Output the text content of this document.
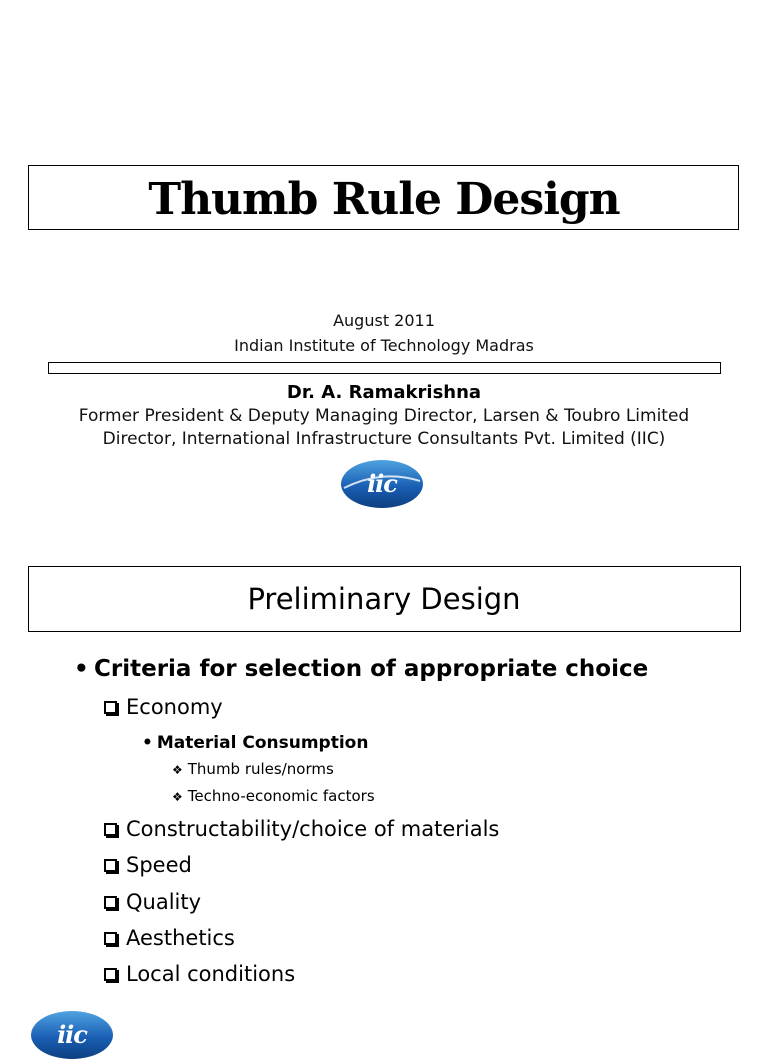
Thumb Rule Design
August 2011
Indian Institute of Technology Madras
Dr. A. Ramakrishna
Former President & Deputy Managing Director, Larsen & Toubro Limited
Director, International Infrastructure Consultants Pvt. Limited (IIC)
iic
Preliminary Design
• Criteria for selection of appropriate choice
Economy
• Material Consumption
❖ Thumb rules/norms
❖ Techno-economic factors
Constructability/choice of materials
Speed
Quality
Aesthetics
Local conditions
iic
